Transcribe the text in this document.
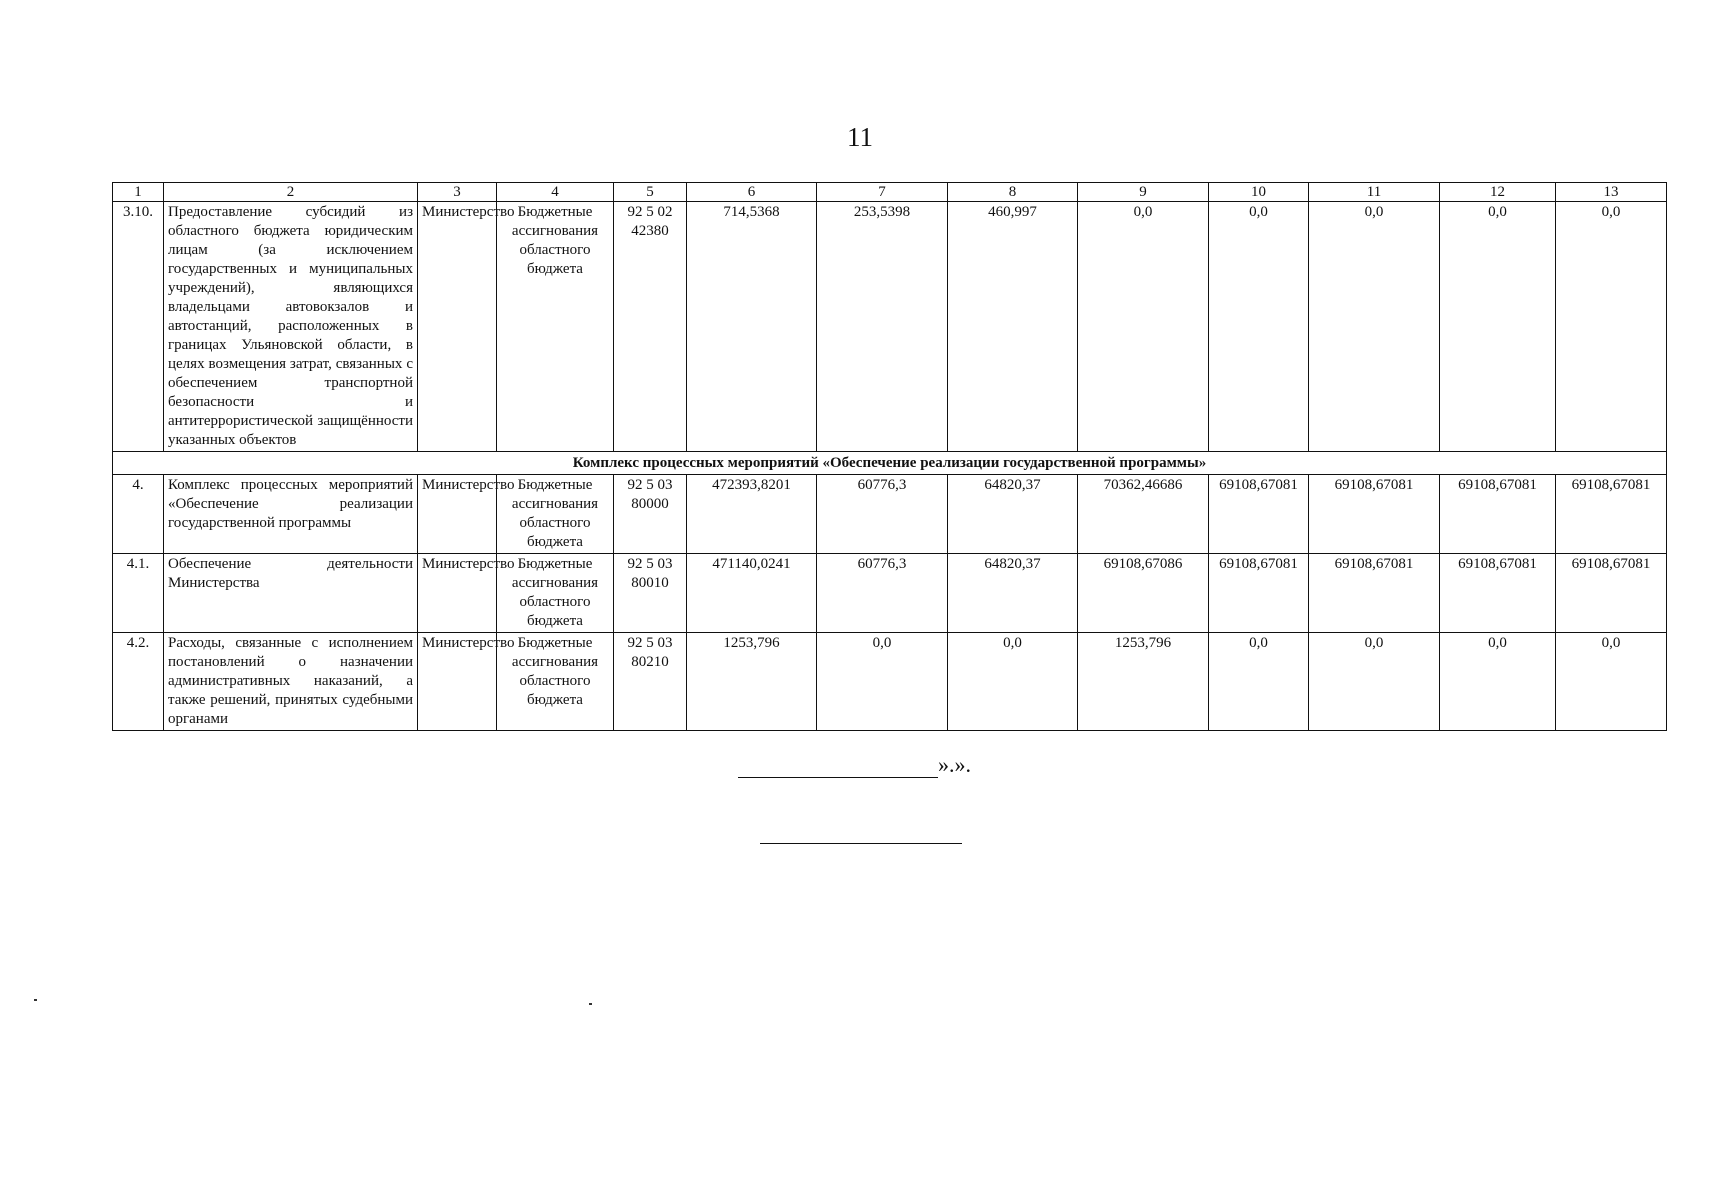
11
1	2	3	4	5	6	7	8	9	10	11	12	13
3.10.	Предоставление субсидий из областного бюджета юридическим лицам (за исключением государственных и муниципальных учреждений), являющихся владельцами автовокзалов и автостанций, расположенных в границах Ульяновской области, в целях возмещения затрат, связанных с обеспечением транспортной безопасности и антитеррористической защищённости указанных объектов	Министерство	Бюджетные ассигнования областного бюджета	92 5 02 42380	714,5368	253,5398	460,997	0,0	0,0	0,0	0,0	0,0
Комплекс процессных мероприятий «Обеспечение реализации государственной программы»												
4.	Комплекс процессных мероприятий «Обеспечение реализации государственной программы	Министерство	Бюджетные ассигнования областного бюджета	92 5 03 80000	472393,8201	60776,3	64820,37	70362,46686	69108,67081	69108,67081	69108,67081	69108,67081
4.1.	Обеспечение деятельности Министерства	Министерство	Бюджетные ассигнования областного бюджета	92 5 03 80010	471140,0241	60776,3	64820,37	69108,67086	69108,67081	69108,67081	69108,67081	69108,67081
4.2.	Расходы, связанные с исполнением постановлений о назначении административных наказаний, а также решений, принятых судебными органами	Министерство	Бюджетные ассигнования областного бюджета	92 5 03 80210	1253,796	0,0	0,0	1253,796	0,0	0,0	0,0	0,0
».».
